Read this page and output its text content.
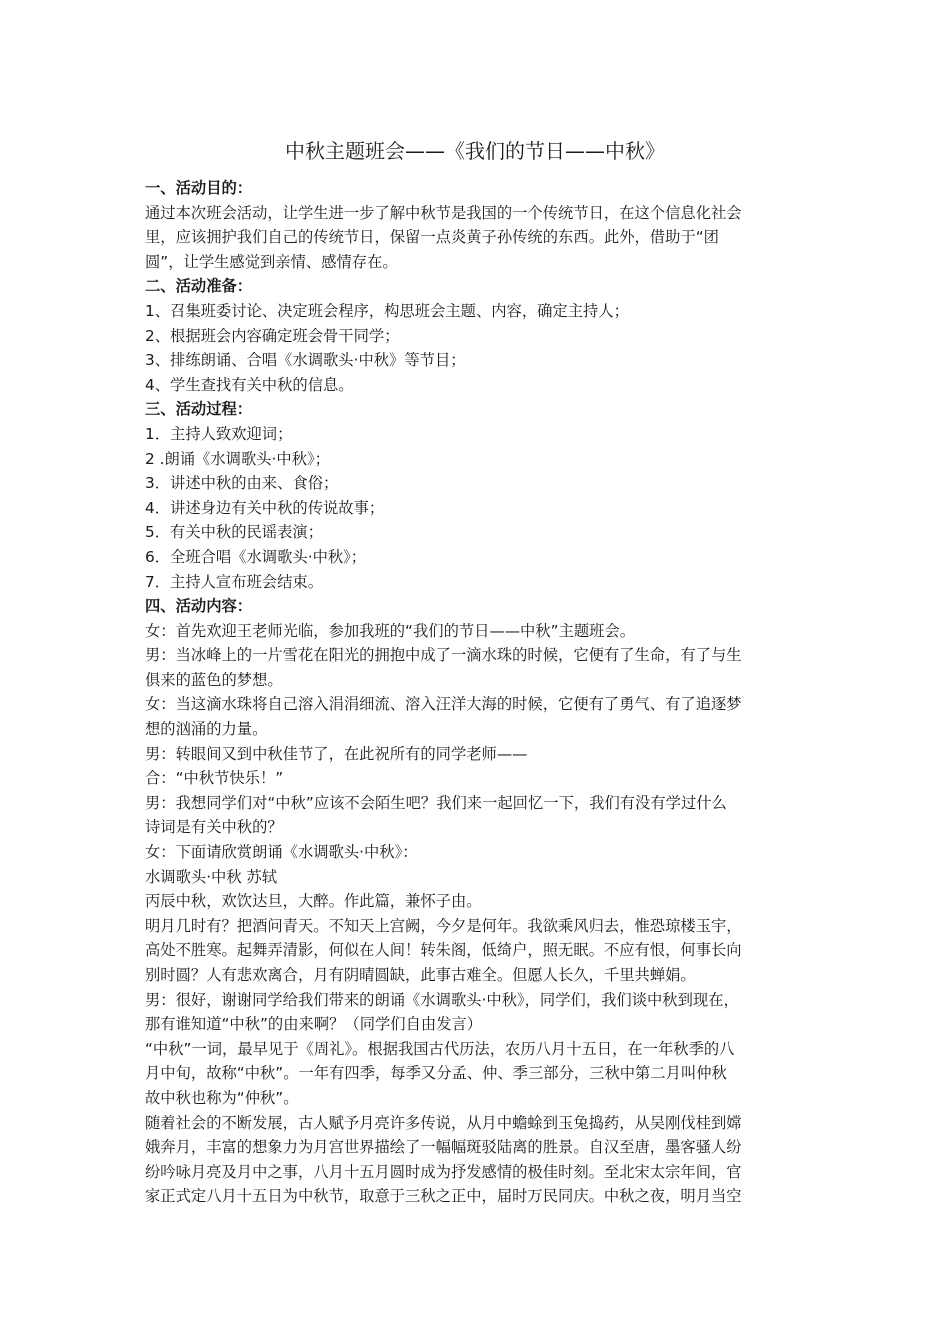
中秋主题班会——《我们的节日——中秋》

一、活动目的：

通过本次班会活动，让学生进一步了解中秋节是我国的一个传统节日，在这个信息化社会

里，应该拥护我们自己的传统节日，保留一点炎黄子孙传统的东西。此外，借助于“团

圆”，让学生感觉到亲情、感情存在。

二、活动准备：

1、召集班委讨论、决定班会程序，构思班会主题、内容，确定主持人；

2、根据班会内容确定班会骨干同学；

3、排练朗诵、合唱《水调歌头·中秋》等节目；

4、学生查找有关中秋的信息。

三、活动过程：

1．主持人致欢迎词；

2 .朗诵《水调歌头·中秋》；

3．讲述中秋的由来、食俗；

4．讲述身边有关中秋的传说故事；

5．有关中秋的民谣表演；

6．全班合唱《水调歌头·中秋》；

7．主持人宣布班会结束。

四、活动内容：

女：首先欢迎王老师光临，参加我班的“我们的节日——中秋”主题班会。

男：当冰峰上的一片雪花在阳光的拥抱中成了一滴水珠的时候，它便有了生命，有了与生

俱来的蓝色的梦想。

女：当这滴水珠将自己溶入涓涓细流、溶入汪洋大海的时候，它便有了勇气、有了追逐梦

想的汹涌的力量。

男：转眼间又到中秋佳节了，在此祝所有的同学老师——

合：“中秋节快乐！”

男：我想同学们对“中秋”应该不会陌生吧？我们来一起回忆一下，我们有没有学过什么

诗词是有关中秋的？

女：下面请欣赏朗诵《水调歌头·中秋》：

水调歌头·中秋 苏轼

丙辰中秋，欢饮达旦，大醉。作此篇，兼怀子由。

明月几时有？把酒问青天。不知天上宫阙，今夕是何年。我欲乘风归去，惟恐琼楼玉宇，

高处不胜寒。起舞弄清影，何似在人间！转朱阁，低绮户，照无眠。不应有恨，何事长向

别时圆？人有悲欢离合，月有阴晴圆缺，此事古难全。但愿人长久，千里共蝉娟。

男：很好，谢谢同学给我们带来的朗诵《水调歌头·中秋》，同学们，我们谈中秋到现在，

那有谁知道“中秋”的由来啊？（同学们自由发言）

“中秋”一词，最早见于《周礼》。根据我国古代历法，农历八月十五日，在一年秋季的八

月中旬，故称“中秋”。一年有四季，每季又分孟、仲、季三部分，三秋中第二月叫仲秋

故中秋也称为“仲秋”。

随着社会的不断发展，古人赋予月亮许多传说，从月中蟾蜍到玉兔捣药，从吴刚伐桂到嫦

娥奔月，丰富的想象力为月宫世界描绘了一幅幅斑驳陆离的胜景。自汉至唐，墨客骚人纷

纷吟咏月亮及月中之事，八月十五月圆时成为抒发感情的极佳时刻。至北宋太宗年间，官

家正式定八月十五日为中秋节，取意于三秋之正中，届时万民同庆。中秋之夜，明月当空
